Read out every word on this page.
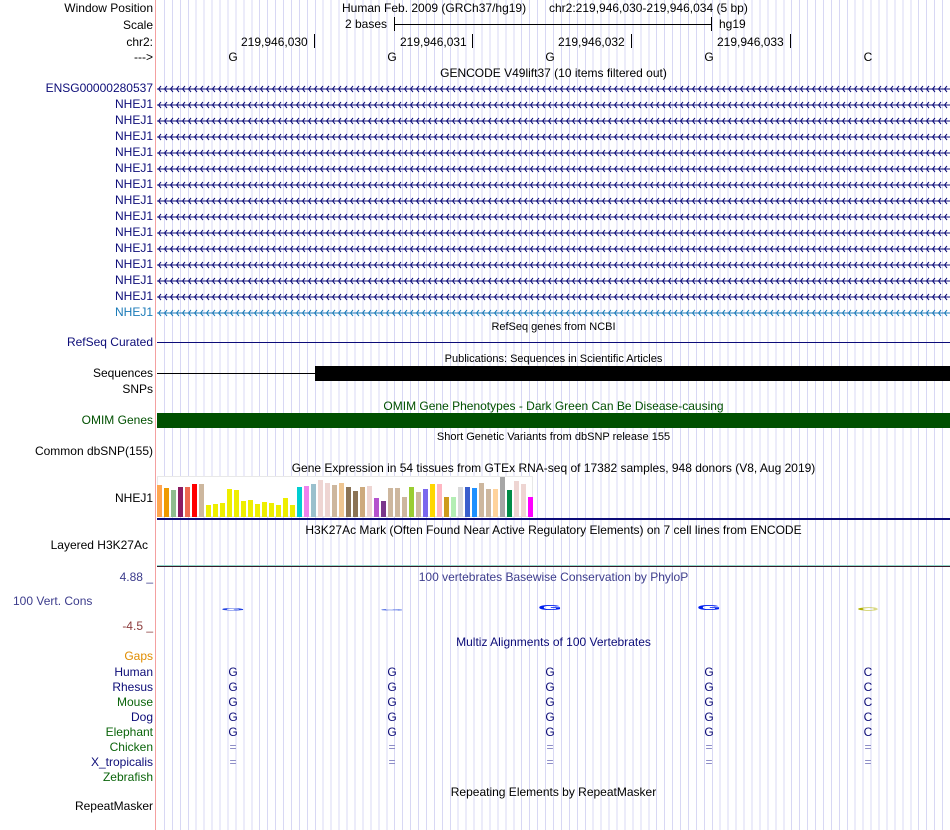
Window Position	Human Feb. 2009 (GRCh37/hg19) chr2:219,946,030-219,946,034 (5 bp)
Scale	2 bases	hg19
chr2:	219,946,030	219,946,031	219,946,032	219,946,033
--->	G	G	G	G	C
GENCODE V49lift37 (10 items filtered out)
ENSG00000280537
NHEJ1
NHEJ1
NHEJ1
NHEJ1
NHEJ1
NHEJ1
NHEJ1
NHEJ1
NHEJ1
NHEJ1
NHEJ1
NHEJ1
NHEJ1
NHEJ1
RefSeq genes from NCBI
RefSeq Curated
Publications: Sequences in Scientific Articles
Sequences
SNPs
OMIM Gene Phenotypes - Dark Green Can Be Disease-causing
OMIM Genes
Short Genetic Variants from dbSNP release 155
Common dbSNP(155)
Gene Expression in 54 tissues from GTEx RNA-seq of 17382 samples, 948 donors (V8, Aug 2019)
NHEJ1
H3K27Ac Mark (Often Found Near Active Regulatory Elements) on 7 cell lines from ENCODE
Layered H3K27Ac
4.88 _	100 vertebrates Basewise Conservation by PhyloP
100 Vert. Cons
G	G	G	G	C
-4.5 _
Multiz Alignments of 100 Vertebrates
Gaps
Human	G	G	G	G	C
Rhesus	G	G	G	G	C
Mouse	G	G	G	G	C
Dog	G	G	G	G	C
Elephant	G	G	G	G	C
Chicken	=	=	=	=	=
X_tropicalis	=	=	=	=	=
Zebrafish
Repeating Elements by RepeatMasker
RepeatMasker
